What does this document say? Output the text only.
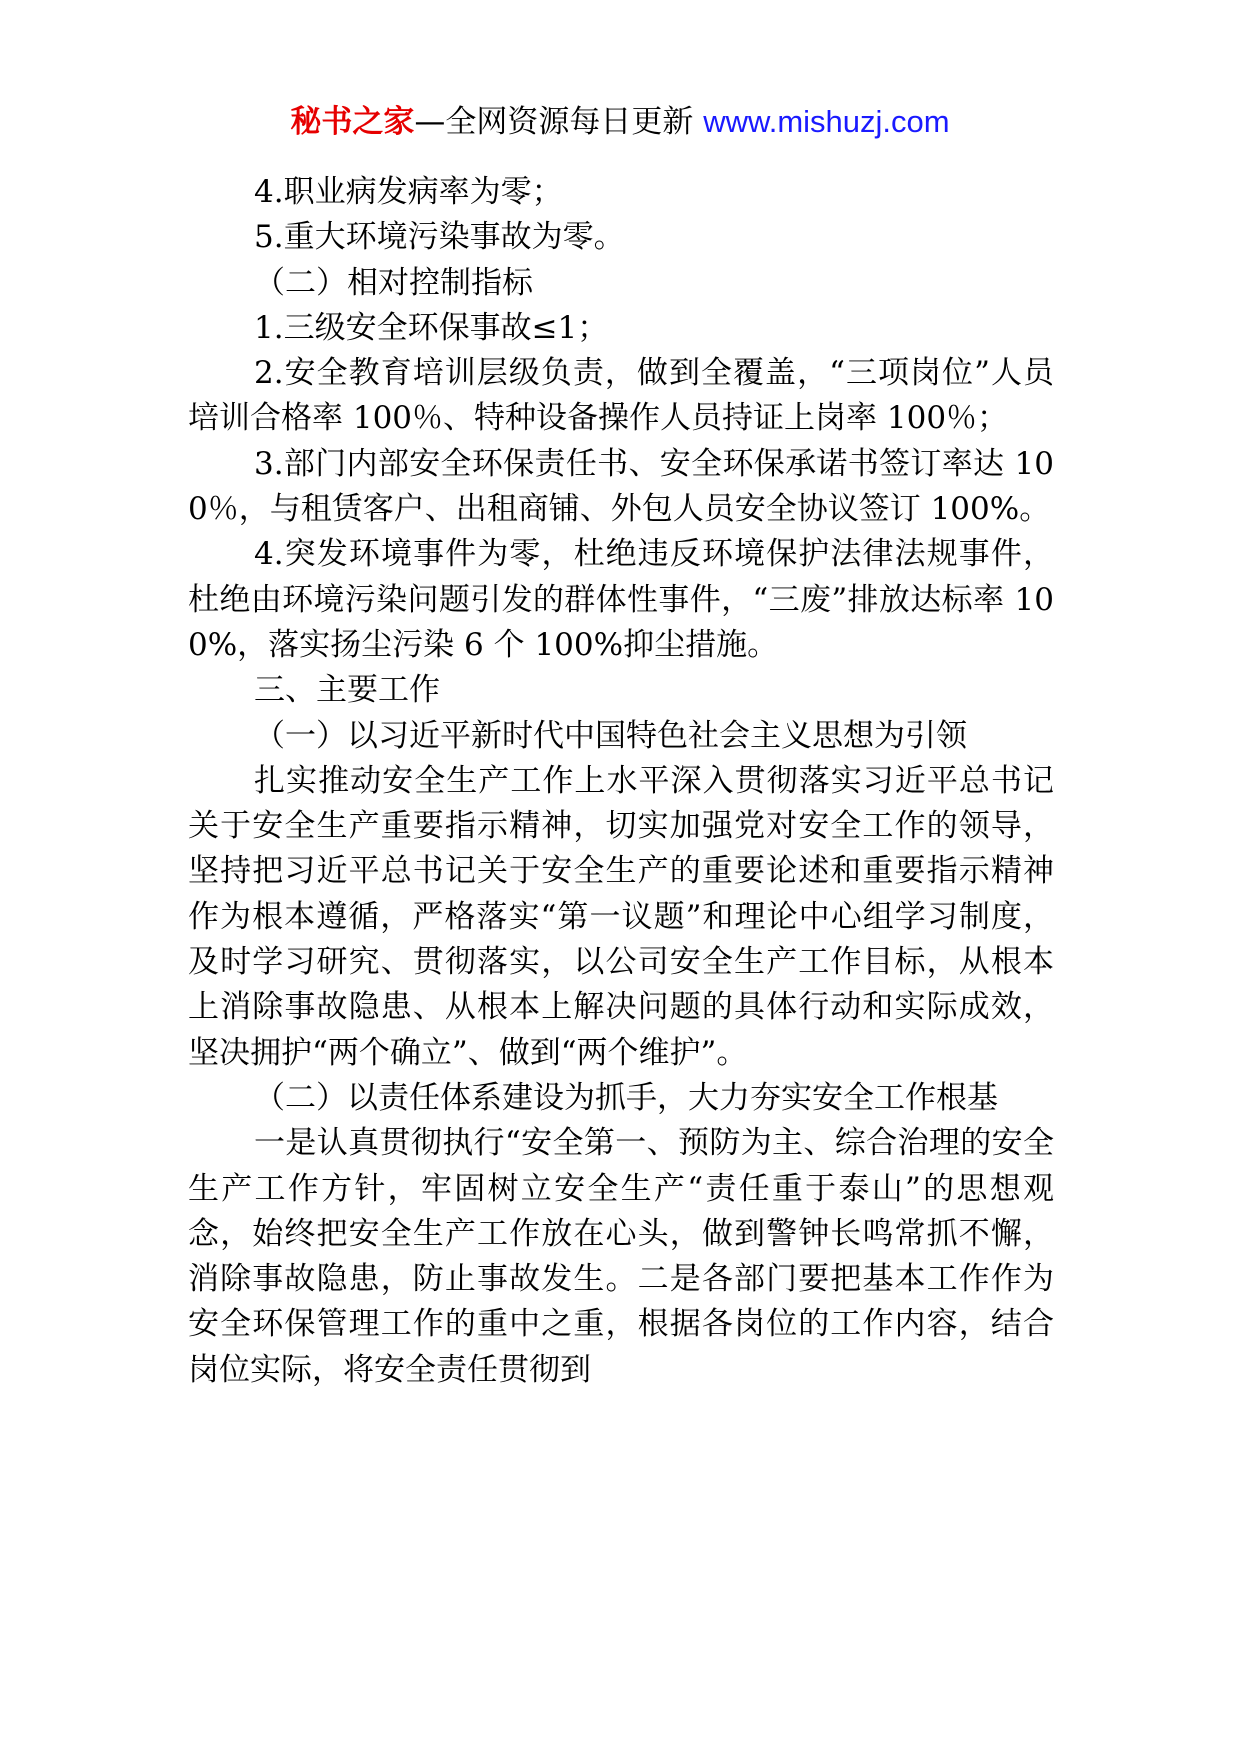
秘书之家—全网资源每日更新 www.mishuzj.com

4.职业病发病率为零；

5.重大环境污染事故为零。

（二）相对控制指标

1.三级安全环保事故≤1；

2.安全教育培训层级负责，做到全覆盖，“三项岗位”人员培训合格率 100％、特种设备操作人员持证上岗率 100％；

3.部门内部安全环保责任书、安全环保承诺书签订率达 100％，与租赁客户、出租商铺、外包人员安全协议签订 100%。

4.突发环境事件为零，杜绝违反环境保护法律法规事件，杜绝由环境污染问题引发的群体性事件，“三废”排放达标率 100%，落实扬尘污染 6 个 100%抑尘措施。

三、主要工作

（一）以习近平新时代中国特色社会主义思想为引领

扎实推动安全生产工作上水平深入贯彻落实习近平总书记关于安全生产重要指示精神，切实加强党对安全工作的领导，坚持把习近平总书记关于安全生产的重要论述和重要指示精神作为根本遵循，严格落实“第一议题”和理论中心组学习制度，及时学习研究、贯彻落实，以公司安全生产工作目标，从根本上消除事故隐患、从根本上解决问题的具体行动和实际成效，坚决拥护“两个确立”、做到“两个维护”。

（二）以责任体系建设为抓手，大力夯实安全工作根基

一是认真贯彻执行“安全第一、预防为主、综合治理的安全生产工作方针，牢固树立安全生产“责任重于泰山”的思想观念，始终把安全生产工作放在心头，做到警钟长鸣常抓不懈，消除事故隐患，防止事故发生。二是各部门要把基本工作作为安全环保管理工作的重中之重，根据各岗位的工作内容，结合岗位实际，将安全责任贯彻到
